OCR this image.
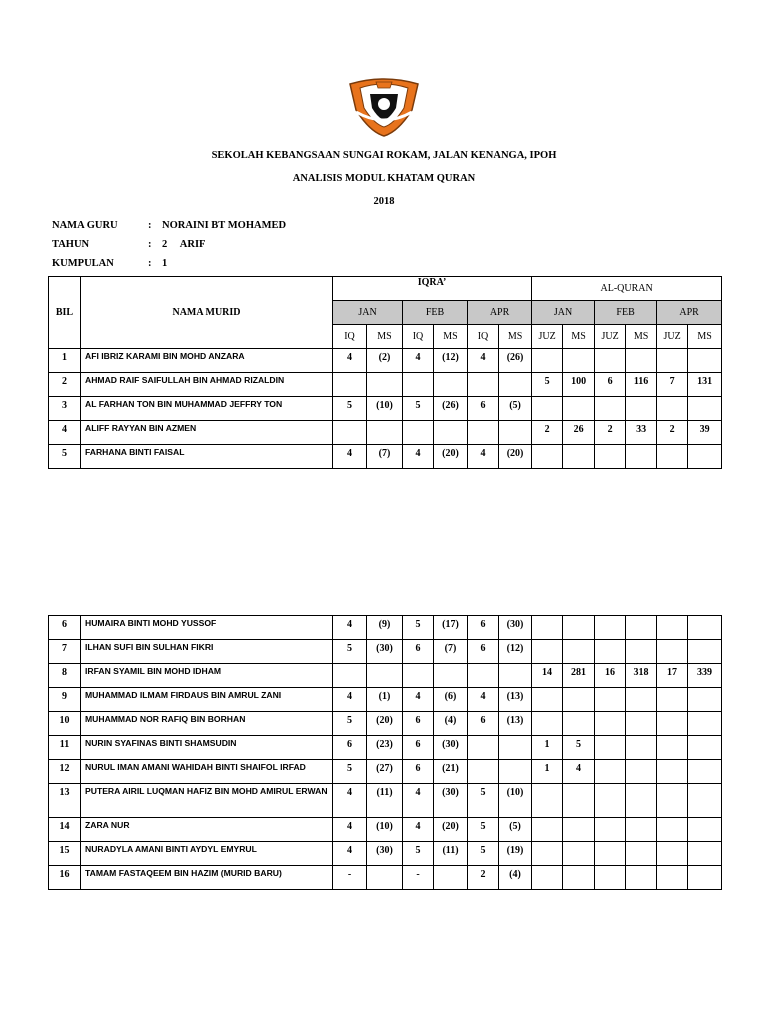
SEKOLAH KEBANGSAAN SUNGAI ROKAM, JALAN KENANGA, IPOH
ANALISIS MODUL KHATAM QURAN
2018
NAMA GURU	: NORAINI BT MOHAMED
TAHUN	: 2     ARIF
KUMPULAN	: 1
BIL	NAMA MURID	IQRA’						AL-QURAN					
		JAN		FEB		APR		JAN		FEB		APR	
		IQ	MS	IQ	MS	IQ	MS	JUZ	MS	JUZ	MS	JUZ	MS
1	AFI IBRIZ KARAMI BIN MOHD ANZARA	4	(2)	4	(12)	4	(26)						
2	AHMAD RAIF SAIFULLAH BIN AHMAD RIZALDIN							5	100	6	116	7	131
3	AL FARHAN TON BIN MUHAMMAD JEFFRY TON	5	(10)	5	(26)	6	(5)						
4	ALIFF RAYYAN BIN AZMEN							2	26	2	33	2	39
5	FARHANA BINTI FAISAL	4	(7)	4	(20)	4	(20)						
6	HUMAIRA BINTI MOHD YUSSOF	4	(9)	5	(17)	6	(30)						
7	ILHAN SUFI BIN SULHAN FIKRI	5	(30)	6	(7)	6	(12)						
8	IRFAN SYAMIL BIN MOHD IDHAM							14	281	16	318	17	339
9	MUHAMMAD ILMAM FIRDAUS BIN AMRUL ZANI	4	(1)	4	(6)	4	(13)						
10	MUHAMMAD NOR RAFIQ BIN BORHAN	5	(20)	6	(4)	6	(13)						
11	NURIN SYAFINAS BINTI SHAMSUDIN	6	(23)	6	(30)			1	5				
12	NURUL IMAN AMANI WAHIDAH BINTI SHAIFOL IRFAD	5	(27)	6	(21)			1	4				
13	PUTERA AIRIL LUQMAN HAFIZ BIN MOHD AMIRUL ERWAN	4	(11)	4	(30)	5	(10)						
14	ZARA NUR	4	(10)	4	(20)	5	(5)						
15	NURADYLA AMANI BINTI AYDYL EMYRUL	4	(30)	5	(11)	5	(19)						
16	TAMAM FASTAQEEM BIN HAZIM (MURID BARU)	-		-		2	(4)						
